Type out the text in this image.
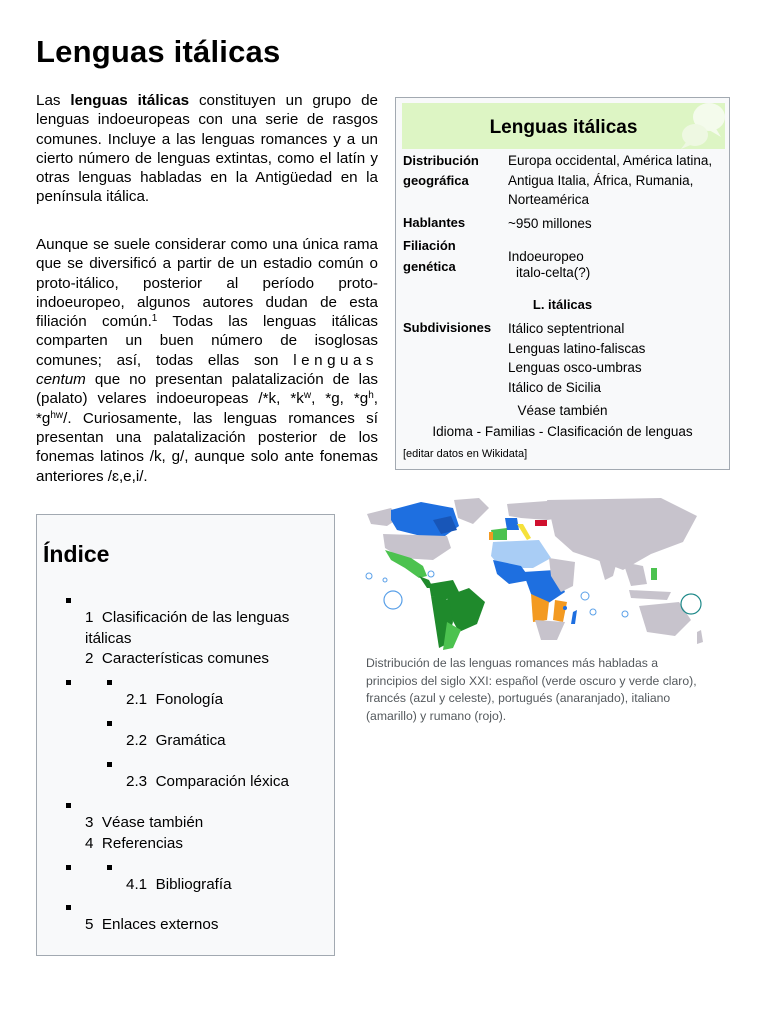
Lenguas itálicas

Las lenguas itálicas constituyen un grupo de lenguas indoeuropeas con una serie de rasgos comunes. Incluye a las lenguas romances y a un cierto número de lenguas extintas, como el latín y otras lenguas habladas en la Antigüedad en la península itálica.

Aunque se suele considerar como una única rama que se diversificó a partir de un estadio común o proto-itálico, posterior al período proto-indoeuropeo, algunos autores dudan de esta filiación común.$^1$ Todas las lenguas itálicas comparten un buen número de isoglosas comunes; así, todas ellas son lenguas centum que no presentan palatalización de las (palato) velares indoeuropeas /*k, $*k^w$, *g, $*g^h$, $*g^{hw}/$. Curiosamente, las lenguas romances sí presentan una palatalización posterior de los fonemas latinos /k, g/, aunque solo ante fonemas anteriores /ɛ,e,i/.

Lenguas itálicas
Distribución
geográfica
Europa occidental, América latina, Antigua Italia, África, Rumania, Norteamérica
Hablantes	~950 millones
Filiación
genética
Indoeuropeo
italo-celta(?)
L. itálicas
Subdivisiones Itálico septentrional
Lenguas latino-faliscas
Lenguas osco-umbras
Itálico de Sicilia
Véase también
Idioma - Familias - Clasificación de lenguas
[editar datos en Wikidata]
Índice
1 Clasificación de las lenguas itálicas
2 Características comunes
2.1 Fonología
2.2 Gramática
2.3 Comparación léxica
3 Véase también
4 Referencias
4.1 Bibliografía
5 Enlaces externos
Distribución de las lenguas romances más habladas a principios del siglo XXI: español (verde oscuro y verde claro), francés (azul y celeste), portugués (anaranjado), italiano (amarillo) y rumano (rojo).
